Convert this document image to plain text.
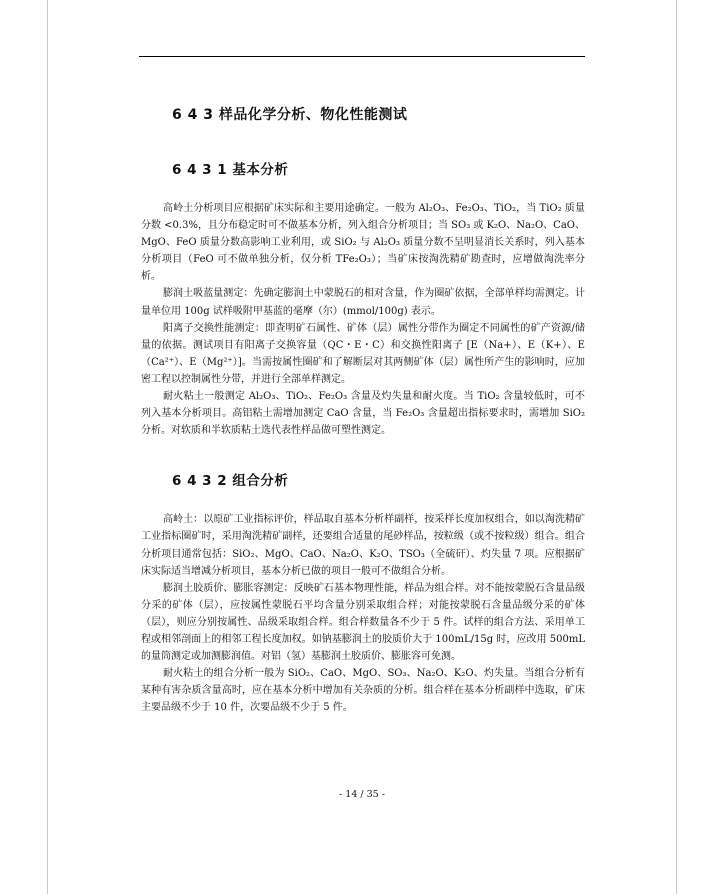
6 4 3 样品化学分析、物化性能测试
6 4 3 1 基本分析

高岭土分析项目应根据矿床实际和主要用途确定。一般为 Al₂O₃、Fe₂O₃、TiO₂，当 TiO₂ 质量分数 <0.3%，且分布稳定时可不做基本分析，列入组合分析项目；当 SO₃ 或 K₂O、Na₂O、CaO、MgO、FeO 质量分数高影响工业利用，或 SiO₂ 与 Al₂O₃ 质量分数不呈明显消长关系时，列入基本分析项目（FeO 可不做单独分析，仅分析 TFe₂O₃）；当矿床按淘洗精矿勘查时，应增做淘洗率分析。

膨润土吸蓝量测定：先确定膨润土中蒙脱石的相对含量，作为圈矿依据，全部单样均需测定。计量单位用 100g 试样吸附甲基蓝的毫摩（尔）(mmol/100g) 表示。

阳离子交换性能测定：即查明矿石属性、矿体（层）属性分带作为圈定不同属性的矿产资源/储量的依据。测试项目有阳离子交换容量（QC・E・C）和交换性阳离子 [E（Na+）、E（K+）、E（Ca²⁺）、E（Mg²⁺）]。当需按属性圈矿和了解断层对其两侧矿体（层）属性所产生的影响时，应加密工程以控制属性分带，并进行全部单样测定。

耐火粘土一般测定 Al₂O₃、TiO₂、Fe₂O₃ 含量及灼失量和耐火度。当 TiO₂ 含量较低时，可不列入基本分析项目。高铝粘土需增加测定 CaO 含量，当 Fe₂O₃ 含量超出指标要求时，需增加 SiO₂ 分析。对软质和半软质粘土选代表性样品做可塑性测定。

6 4 3 2 组合分析

高岭土：以原矿工业指标评价，样品取自基本分析样副样，按采样长度加权组合，如以淘洗精矿工业指标圈矿时，采用淘洗精矿副样，还要组合适量的尾砂样品，按粒级（或不按粒级）组合。组合分析项目通常包括：SiO₂、MgO、CaO、Na₂O、K₂O、TSO₃（全硫矸）、灼失量 7 项。应根据矿床实际适当增减分析项目，基本分析已做的项目一般可不做组合分析。

膨润土胶质价、膨胀容测定：反映矿石基本物理性能，样品为组合样。对不能按蒙脱石含量品级分采的矿体（层），应按属性蒙脱石平均含量分别采取组合样；对能按蒙脱石含量品级分采的矿体（层），则应分别按属性、品级采取组合样。组合样数量各不少于 5 件。试样的组合方法、采用单工程或相邻剖面上的相邻工程长度加权。如钠基膨润土的胶质价大于 100mL/15g 时，应改用 500mL 的量筒测定或加测膨润值。对铝（氢）基膨润土胶质价、膨胀容可免测。

耐火粘土的组合分析一般为 SiO₂、CaO、MgO、SO₃、Na₂O、K₂O、灼失量。当组合分析有某种有害杂质含量高时，应在基本分析中增加有关杂质的分析。组合样在基本分析副样中选取，矿床主要品级不少于 10 件，次要品级不少于 5 件。

- 14 / 35 -
